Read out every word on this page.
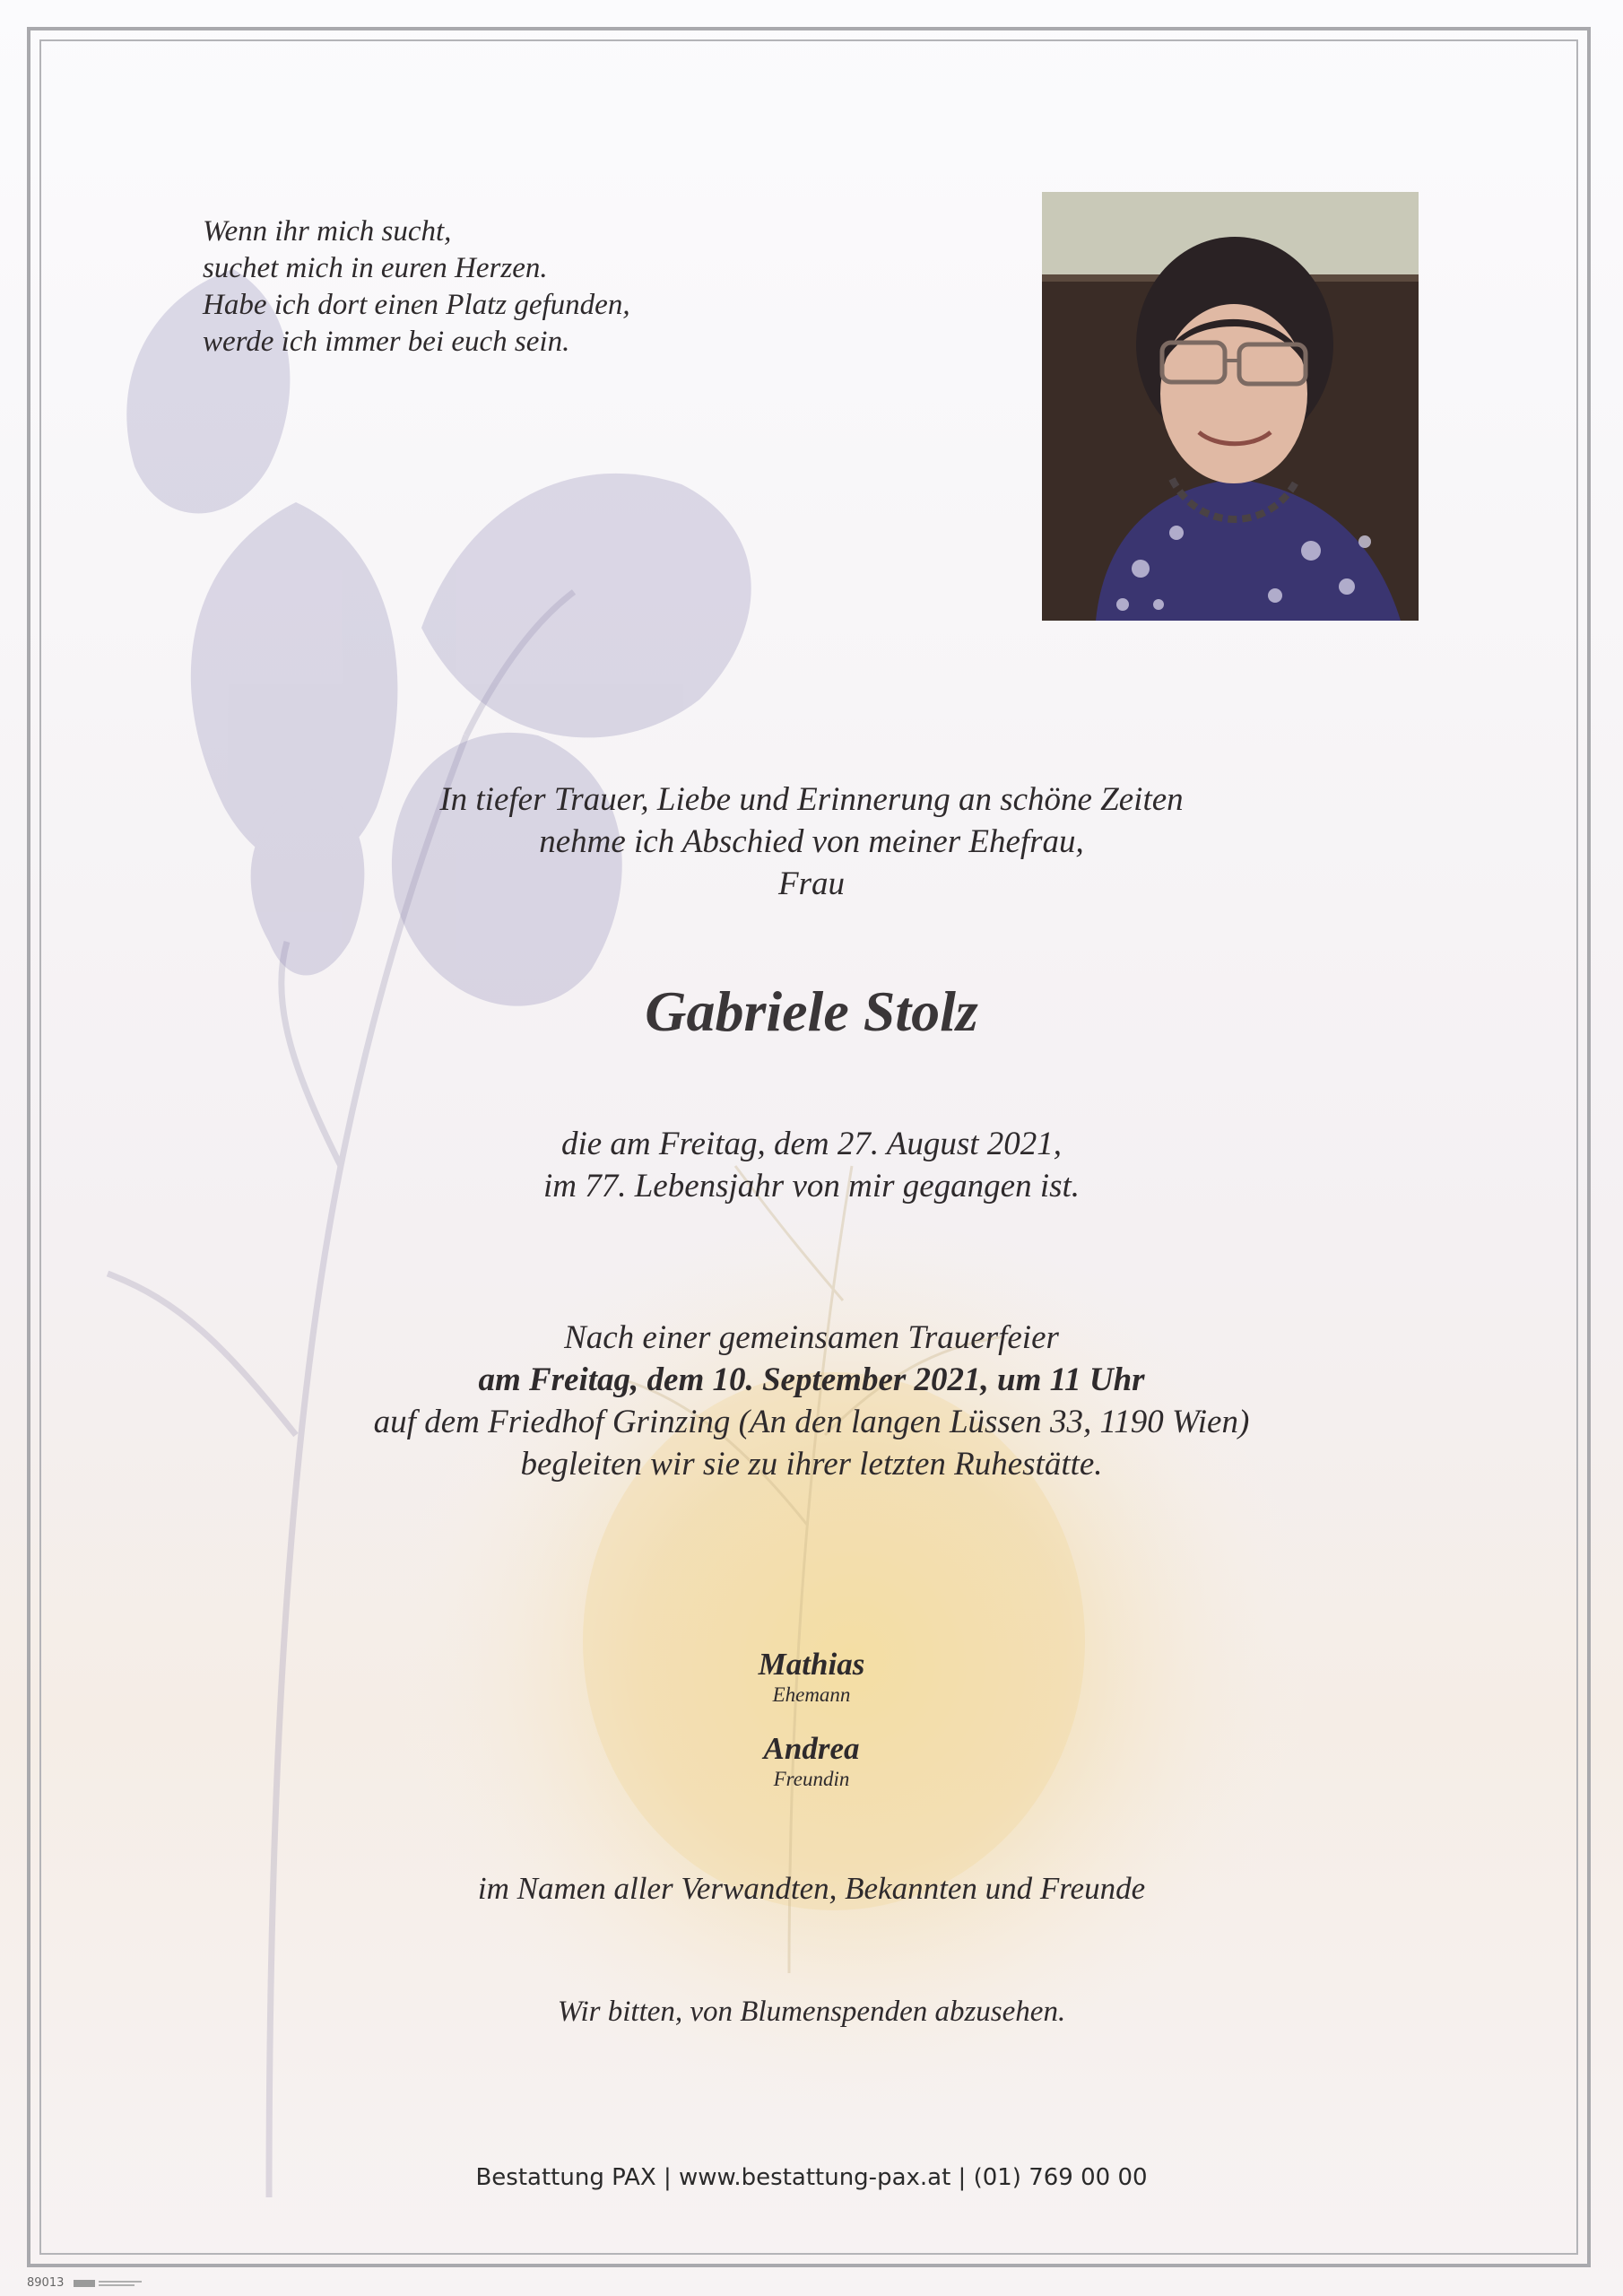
Wenn ihr mich sucht,
suchet mich in euren Herzen.
Habe ich dort einen Platz gefunden,
werde ich immer bei euch sein.
In tiefer Trauer, Liebe und Erinnerung an schöne Zeiten
nehme ich Abschied von meiner Ehefrau,
Frau
Gabriele Stolz
die am Freitag, dem 27. August 2021,
im 77. Lebensjahr von mir gegangen ist.
Nach einer gemeinsamen Trauerfeier
am Freitag, dem 10. September 2021, um 11 Uhr
auf dem Friedhof Grinzing (An den langen Lüssen 33, 1190 Wien)
begleiten wir sie zu ihrer letzten Ruhestätte.
Mathias
Ehemann
Andrea
Freundin
im Namen aller Verwandten, Bekannten und Freunde
Wir bitten, von Blumenspenden abzusehen.
Bestattung PAX | www.bestattung-pax.at | (01) 769 00 00
89013
